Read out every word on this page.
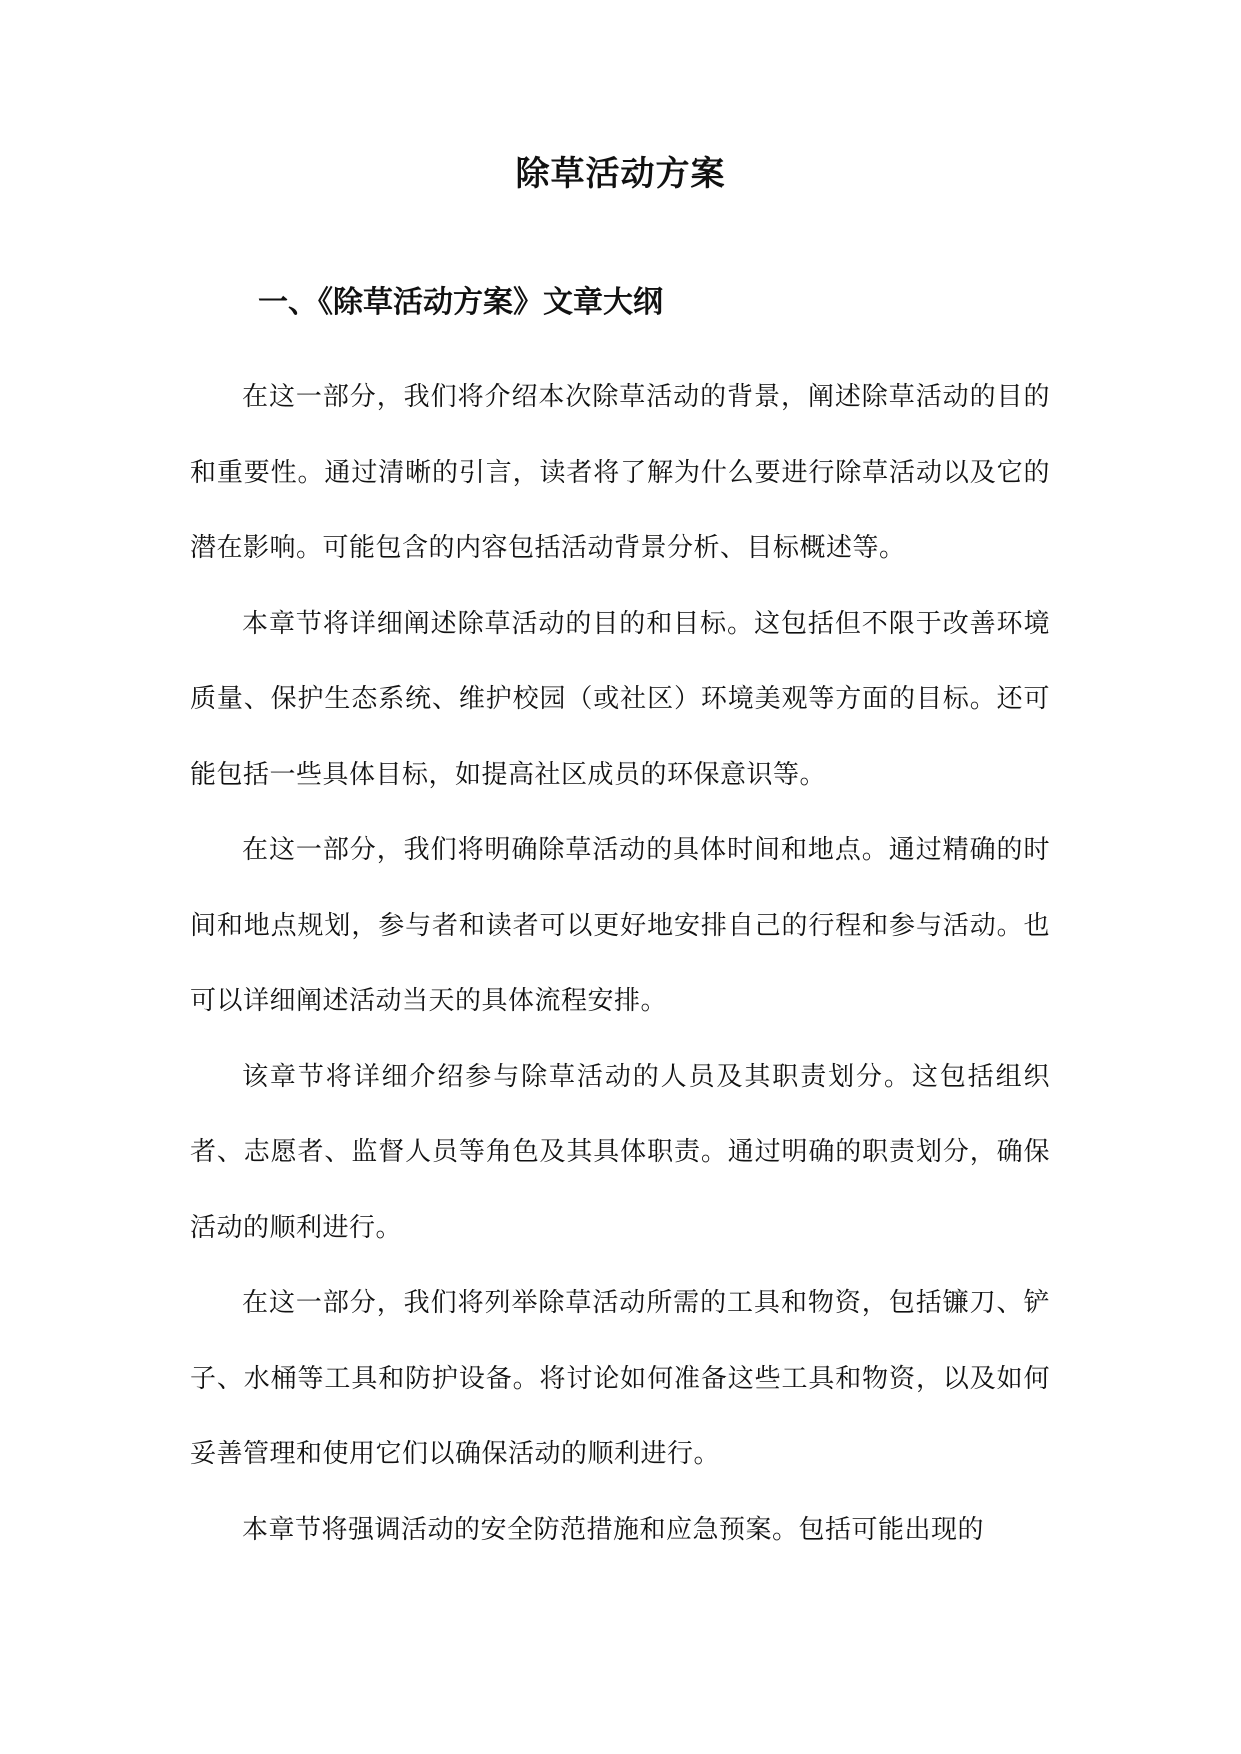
除草活动方案
一、《除草活动方案》文章大纲

在这一部分，我们将介绍本次除草活动的背景，阐述除草活动的目的和重要性。通过清晰的引言，读者将了解为什么要进行除草活动以及它的潜在影响。可能包含的内容包括活动背景分析、目标概述等。

本章节将详细阐述除草活动的目的和目标。这包括但不限于改善环境质量、保护生态系统、维护校园（或社区）环境美观等方面的目标。还可能包括一些具体目标，如提高社区成员的环保意识等。

在这一部分，我们将明确除草活动的具体时间和地点。通过精确的时间和地点规划，参与者和读者可以更好地安排自己的行程和参与活动。也可以详细阐述活动当天的具体流程安排。

该章节将详细介绍参与除草活动的人员及其职责划分。这包括组织者、志愿者、监督人员等角色及其具体职责。通过明确的职责划分，确保活动的顺利进行。

在这一部分，我们将列举除草活动所需的工具和物资，包括镰刀、铲子、水桶等工具和防护设备。将讨论如何准备这些工具和物资，以及如何妥善管理和使用它们以确保活动的顺利进行。

本章节将强调活动的安全防范措施和应急预案。包括可能出现的
